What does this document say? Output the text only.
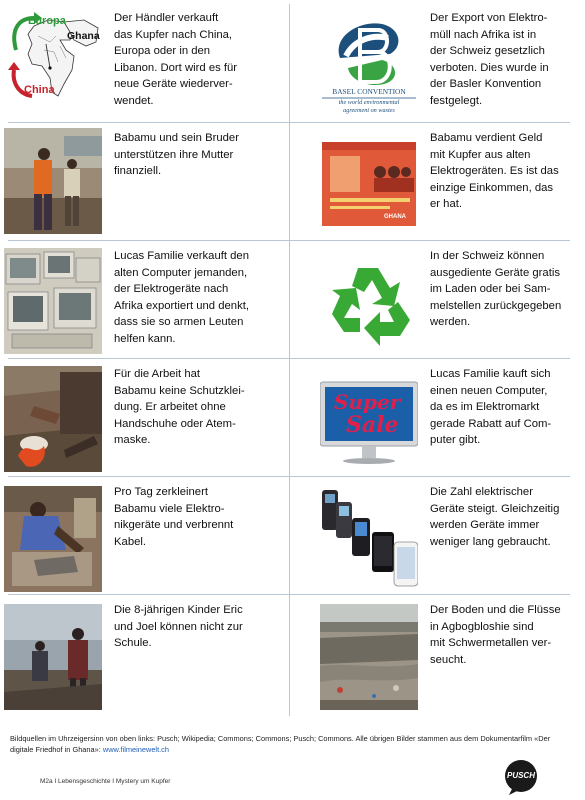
Europa
Ghana
China
Der Händler verkauft
das Kupfer nach China,
Europa oder in den
Libanon. Dort wird es für
neue Geräte wiederver-
wendet.
BASEL CONVENTION
the world environmental
agreement on wastes
Der Export von Elektro-
müll nach Afrika ist in
der Schweiz gesetzlich
verboten. Dies wurde in
der Basler Konvention
festgelegt.
Babamu und sein Bruder
unterstützen ihre Mutter
finanziell.
GHANA
Babamu verdient Geld
mit Kupfer aus alten
Elektrogeräten. Es ist das
einzige Einkommen, das
er hat.
Lucas Familie verkauft den
alten Computer jemanden,
der Elektrogeräte nach
Afrika exportiert und denkt,
dass sie so armen Leuten
helfen kann.
In der Schweiz können
ausgediente Geräte gratis
im Laden oder bei Sam-
melstellen zurückgegeben
werden.
Für die Arbeit hat
Babamu keine Schutzklei-
dung. Er arbeitet ohne
Handschuhe oder Atem-
maske.
Super
Sale
Lucas Familie kauft sich
einen neuen Computer,
da es im Elektromarkt
gerade Rabatt auf Com-
puter gibt.
Pro Tag zerkleinert
Babamu viele Elektro-
nikgeräte und verbrennt
Kabel.
Die Zahl elektrischer
Geräte steigt. Gleichzeitig
werden Geräte immer
weniger lang gebraucht.
Die 8-jährigen Kinder Eric
und Joel können nicht zur
Schule.
Der Boden und die Flüsse
in Agbogbloshie sind
mit Schwermetallen ver-
seucht.
Bildquellen im Uhrzeigersinn von oben links: Pusch; Wikipedia; Commons; Commons; Pusch; Commons. Alle übrigen Bilder stammen aus dem Dokumentarfilm «Der digitale Friedhof in Ghana»: www.filmeinewelt.ch
M2a I Lebensgeschichte I Mystery um Kupfer
PUSCH
